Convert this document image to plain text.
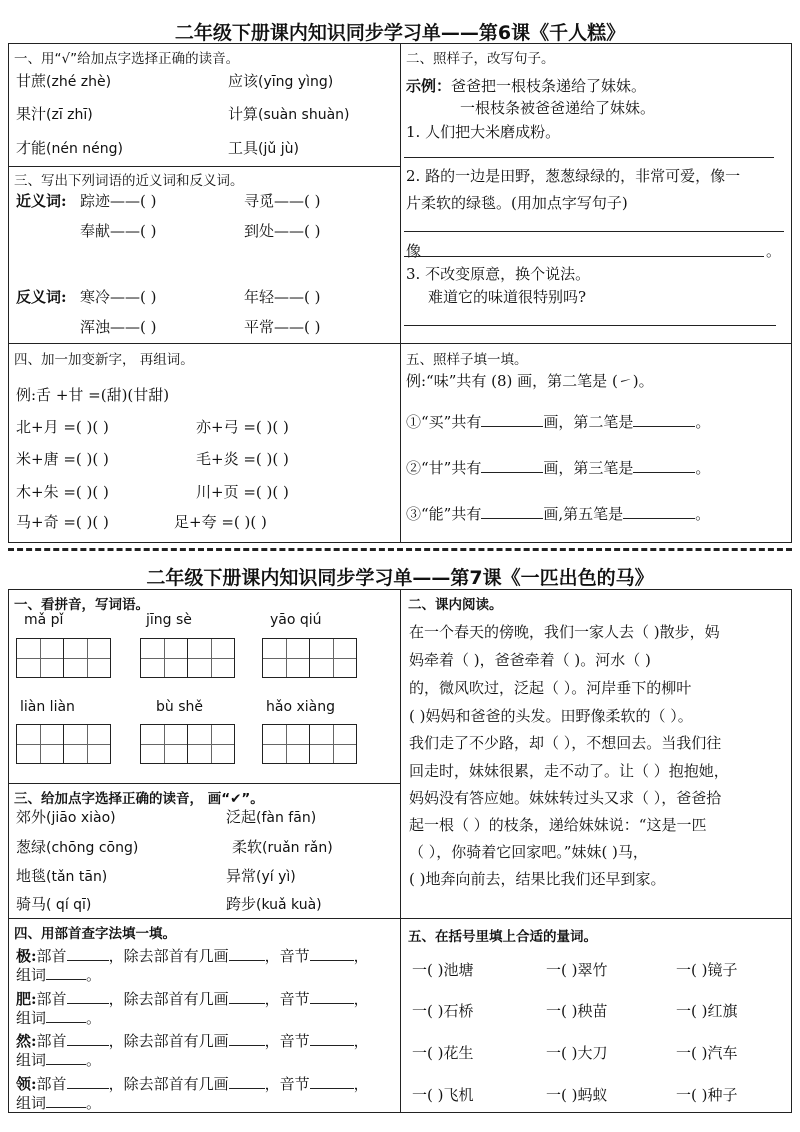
二年级下册课内知识同步学习单——第6课《千人糕》
一、用“√”给加点字选择正确的读音。
甘蔗(zhé zhè)	应该(yīng yìng)
果汁(zī zhī)	计算(suàn shuàn)
才能(nén néng)	工具(jǔ jù)
三、写出下列词语的近义词和反义词。
近义词: 踪迹——( )	寻觅——( )
奉献——( )	到处——( )
反义词: 寒冷——( )	年轻——( )
浑浊——( )	平常——( )
二、照样子，改写句子。
示例：爸爸把一根枝条递给了妹妹。
一根枝条被爸爸递给了妹妹。
1. 人们把大米磨成粉。
2. 路的一边是田野，葱葱绿绿的，非常可爱，像一
片柔软的绿毯。(用加点字写句子)
像	。
3. 不改变原意，换个说法。
难道它的味道很特别吗?
四、加一加变新字， 再组词。
例:舌 +甘 =(甜)(甘甜)
北+月 =( )( )	亦+弓 =( )( )
米+唐 =( )( )	毛+炎 =( )( )
木+朱 =( )( )	川+页 =( )( )
马+奇 =( )( )	足+夸 =( )( )
五、照样子填一填。
例:“味”共有 (8) 画，第二笔是 (㇀)。
①“买”共有	画，第二笔是	。
②“甘”共有	画，第三笔是	。
③“能”共有	画,第五笔是	。
二年级下册课内知识同步学习单——第7课《一匹出色的马》
一、看拼音，写词语。
mǎ pǐ	jīng sè	yāo qiú
liàn liàn	bù shě	hǎo xiàng
三、给加点字选择正确的读音， 画“✔”。
郊外(jiāo xiào)	泛起(fàn fān)
葱绿(chōng cōng)	柔软(ruǎn rǎn)
地毯(tǎn tān)	异常(yí yì)
骑马( qí qī)	跨步(kuǎ kuà)
二、课内阅读。
在一个春天的傍晚，我们一家人去（ )散步，妈
妈牵着（ )，爸爸牵着（ )。河水（ )
的，微风吹过，泛起（ ）。河岸垂下的柳叶
( )妈妈和爸爸的头发。田野像柔软的（ ）。
我们走了不少路，却（ ），不想回去。当我们往
回走时，妹妹很累，走不动了。让（ ）抱抱她，
妈妈没有答应她。妹妹转过头又求（ ），爸爸拾
起一根（ ）的枝条，递给妹妹说：“这是一匹
（ ），你骑着它回家吧。”妹妹( )马，
( )地奔向前去，结果比我们还早到家。
四、用部首查字法填一填。
极:部首	，除去部首有几画 ，音节	，
组词	。
肥:部首	，除去部首有几画 ，音节	，
组词	。
然:部首	，除去部首有几画 ，音节	，
组词	。
领:部首	，除去部首有几画 ，音节	，
组词	。
五、在括号里填上合适的量词。
一( )池塘	一( )翠竹	一( )镜子
一( )石桥	一( )秧苗	一( )红旗
一( )花生	一( )大刀	一( )汽车
一( )飞机	一( )蚂蚁	一( )种子
